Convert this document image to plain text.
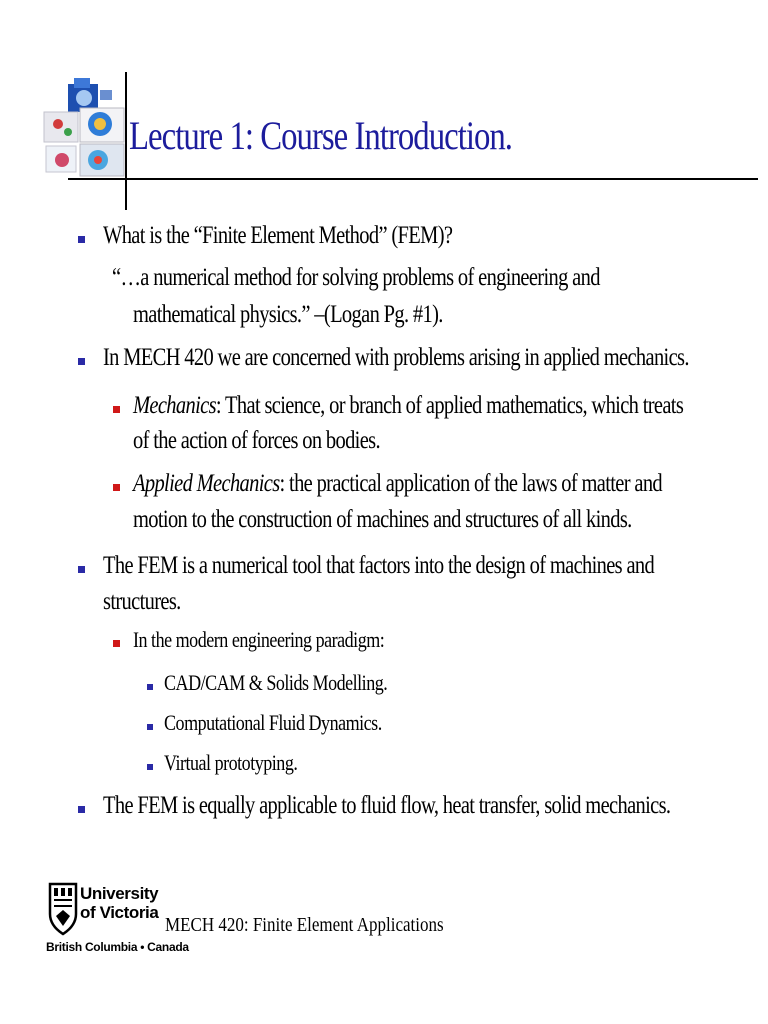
Lecture 1: Course Introduction.
What is the “Finite Element Method” (FEM)?
“…a numerical method for solving problems of engineering and
mathematical physics.” –(Logan Pg. #1).
In MECH 420 we are concerned with problems arising in applied mechanics.
Mechanics: That science, or branch of applied mathematics, which treats
of the action of forces on bodies.
Applied Mechanics: the practical application of the laws of matter and
motion to the construction of machines and structures of all kinds.
The FEM is a numerical tool that factors into the design of machines and
structures.
In the modern engineering paradigm:
CAD/CAM & Solids Modelling.
Computational Fluid Dynamics.
Virtual prototyping.
The FEM is equally applicable to fluid flow, heat transfer, solid mechanics.
University
of Victoria
British Columbia • Canada
MECH 420: Finite Element Applications
